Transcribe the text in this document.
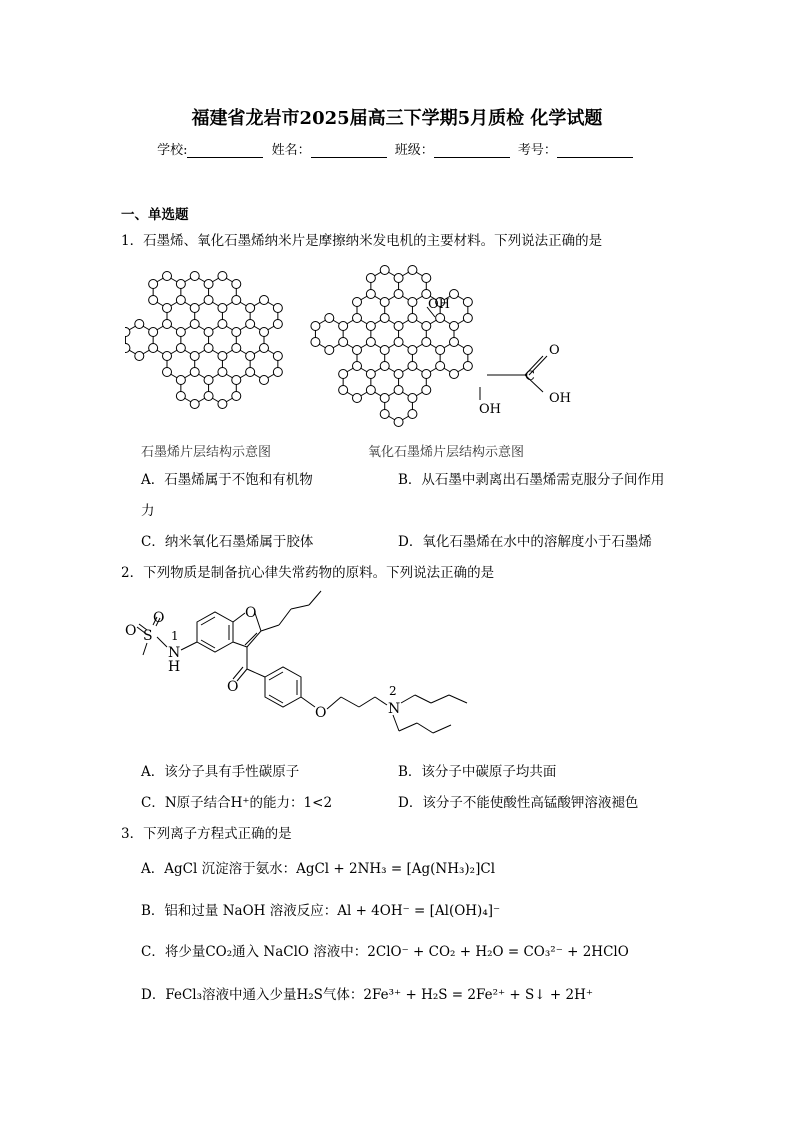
福建省龙岩市2025届高三下学期5月质检 化学试题
学校:	姓名：	班级：	考号：
一、单选题
1．石墨烯、氧化石墨烯纳米片是摩擦纳米发电机的主要材料。下列说法正确的是
OH
OH
C
O
OH
石墨烯片层结构示意图	氧化石墨烯片层结构示意图
A．石墨烯属于不饱和有机物	B．从石墨中剥离出石墨烯需克服分子间作用
力
C．纳米氧化石墨烯属于胶体	D．氧化石墨烯在水中的溶解度小于石墨烯
2．下列物质是制备抗心律失常药物的原料。下列说法正确的是
O S
O
N
1
H
O
O
O	N
2
A．该分子具有手性碳原子	B．该分子中碳原子均共面
C．N原子结合H⁺的能力：1<2	D．该分子不能使酸性高锰酸钾溶液褪色
3．下列离子方程式正确的是
A．AgCl 沉淀溶于氨水：AgCl + 2NH₃ = [Ag(NH₃)₂]Cl
B．铝和过量 NaOH 溶液反应：Al + 4OH⁻ = [Al(OH)₄]⁻
C．将少量CO₂通入 NaClO 溶液中：2ClO⁻ + CO₂ + H₂O = CO₃²⁻ + 2HClO
D．FeCl₃溶液中通入少量H₂S气体：2Fe³⁺ + H₂S = 2Fe²⁺ + S↓ + 2H⁺
